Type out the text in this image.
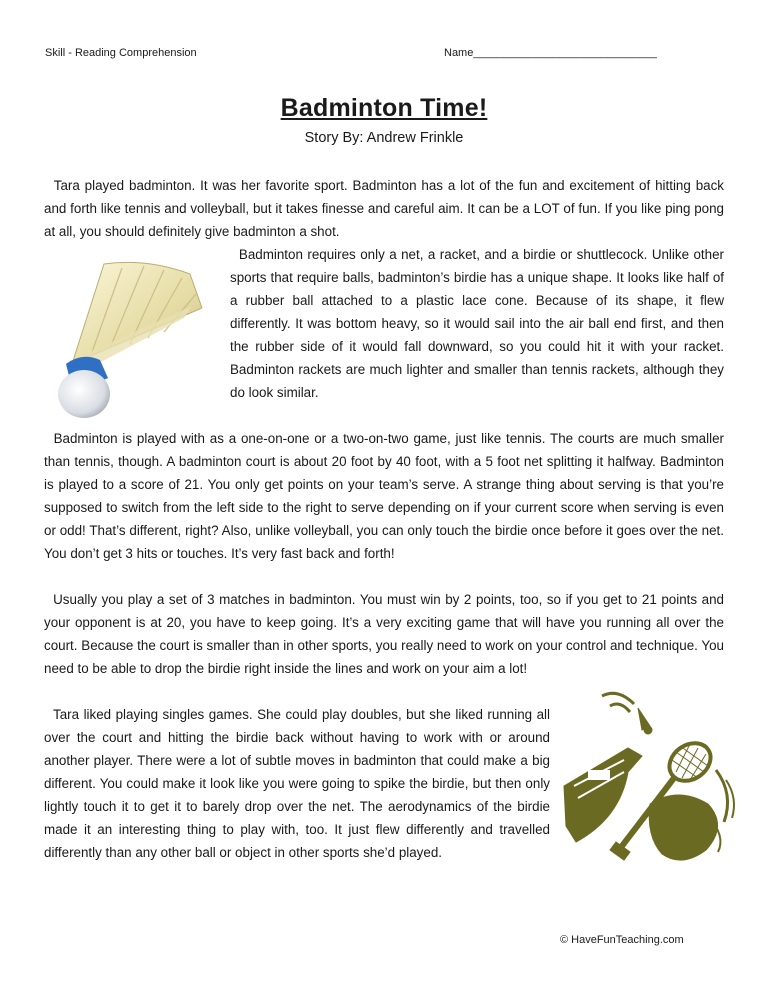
Skill - Reading Comprehension	Name______________________________
Badminton Time!
Story By: Andrew Frinkle

Tara played badminton. It was her favorite sport. Badminton has a lot of the fun and excitement of hitting back and forth like tennis and volleyball, but it takes finesse and careful aim. It can be a LOT of fun. If you like ping pong at all, you should definitely give badminton a shot.

Badminton requires only a net, a racket, and a birdie or shuttlecock. Unlike other sports that require balls, badminton’s birdie has a unique shape. It looks like half of a rubber ball attached to a plastic lace cone. Because of its shape, it flew differently. It was bottom heavy, so it would sail into the air ball end first, and then the rubber side of it would fall downward, so you could hit it with your racket. Badminton rackets are much lighter and smaller than tennis rackets, although they do look similar.

Badminton is played with as a one-on-one or a two-on-two game, just like tennis. The courts are much smaller than tennis, though. A badminton court is about 20 foot by 40 foot, with a 5 foot net splitting it halfway. Badminton is played to a score of 21. You only get points on your team’s serve. A strange thing about serving is that you’re supposed to switch from the left side to the right to serve depending on if your current score when serving is even or odd! That’s different, right? Also, unlike volleyball, you can only touch the birdie once before it goes over the net. You don’t get 3 hits or touches. It’s very fast back and forth!

Usually you play a set of 3 matches in badminton. You must win by 2 points, too, so if you get to 21 points and your opponent is at 20, you have to keep going. It’s a very exciting game that will have you running all over the court. Because the court is smaller than in other sports, you really need to work on your control and technique. You need to be able to drop the birdie right inside the lines and work on your aim a lot!

Tara liked playing singles games. She could play doubles, but she liked running all over the court and hitting the birdie back without having to work with or around another player. There were a lot of subtle moves in badminton that could make a big different. You could make it look like you were going to spike the birdie, but then only lightly touch it to get it to barely drop over the net. The aerodynamics of the birdie made it an interesting thing to play with, too. It just flew differently and travelled differently than any other ball or object in other sports she’d played.

© HaveFunTeaching.com
